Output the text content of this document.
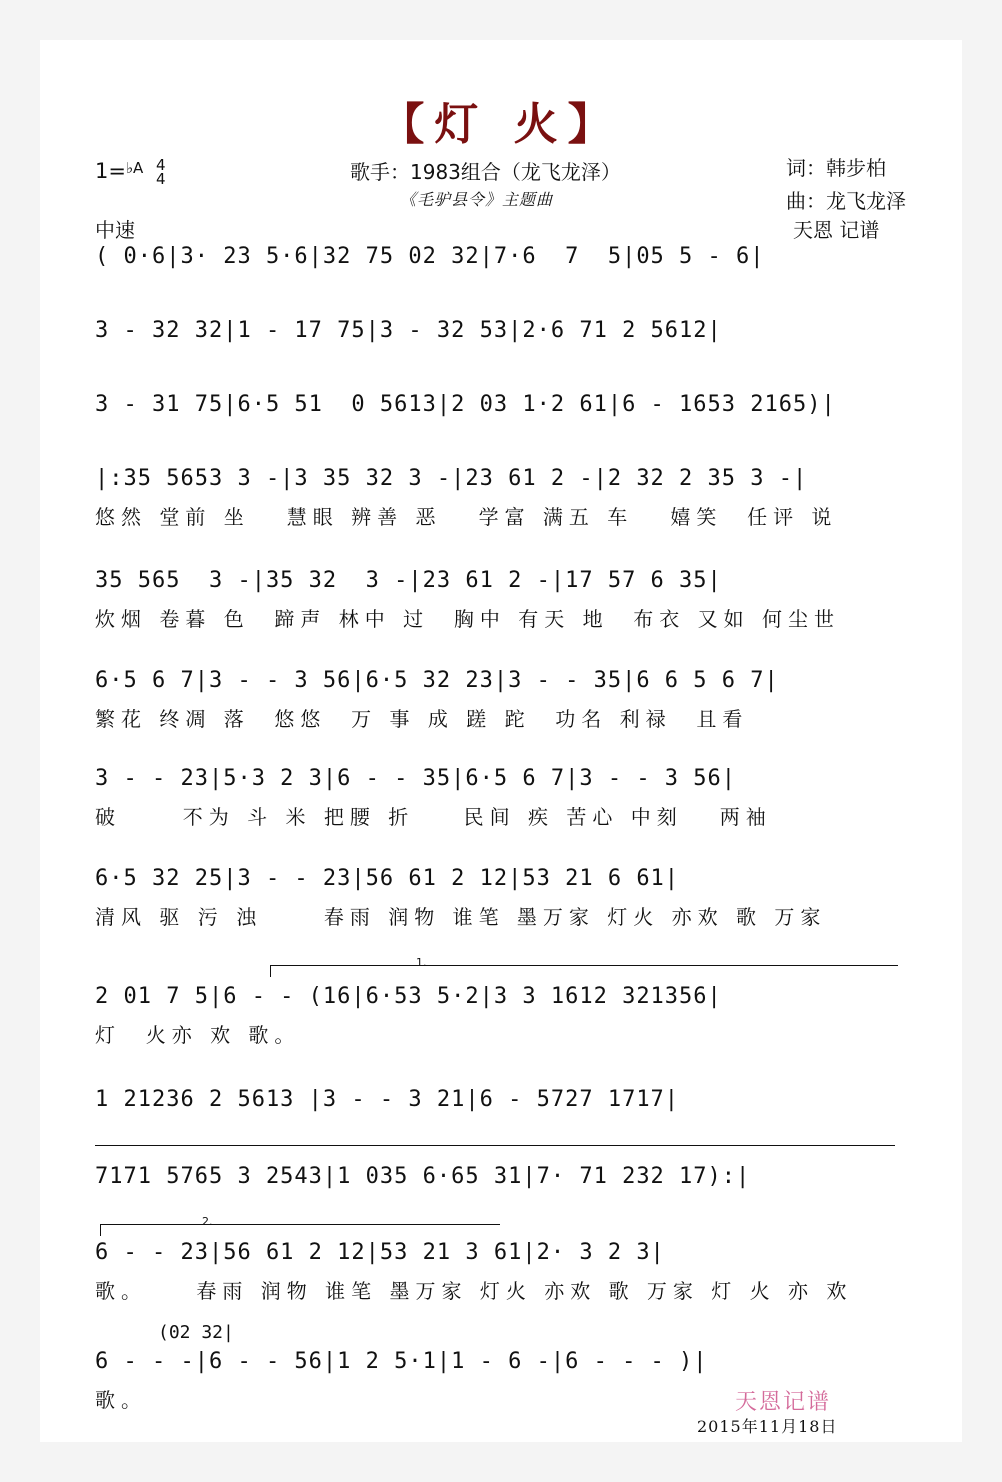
【灯 火】
1=$^{♭A}$ 4
4	歌手：1983组合（龙飞龙泽）
《毛驴县令》主题曲
词：韩步柏
曲：龙飞龙泽
天恩 记谱
中速
( 0·6|3· 23 5·6|32 75 02 32|7·6  7  5|05 5 - 6|
3 - 32 32|1 - 17 75|3 - 32 53|2·6 71 2 5612|
3 - 31 75|6·5 51  0 5613|2 03 1·2 61|6 - 1653 2165)|
|:35 5653 3 -|3 35 32 3 -|23 61 2 -|2 32 2 35 3 -|
悠然 堂前 坐   慧眼 辨善 恶   学富 满五 车   嬉笑  任评 说
35 565  3 -|35 32  3 -|23 61 2 -|17 57 6 35|
炊烟 卷暮 色  蹄声 林中 过  胸中 有天 地  布衣 又如 何尘世
6·5 6 7|3 - - 3 56|6·5 32 23|3 - - 35|6 6 5 6 7|
繁花 终凋 落  悠悠  万 事 成 蹉 跎  功名 利禄  且看
3 - - 23|5·3 2 3|6 - - 35|6·5 6 7|3 - - 3 56|
破     不为 斗 米 把腰 折    民间 疾 苦心 中刻   两袖
6·5 32 25|3 - - 23|56 61 2 12|53 21 6 61|
清风 驱 污 浊     春雨 润物 谁笔 墨万家 灯火 亦欢 歌 万家
2 01 7 5|6 - - (16|6·53 5·2|3 3 1612 321356|
灯  火亦 欢 歌。
1 21236 2 5613 |3 - - 3 21|6 - 5727 1717|
7171 5765 3 2543|1 035 6·65 31|7· 71 232 17):|
6 - - 23|56 61 2 12|53 21 3 61|2· 3 2 3|
歌。    春雨 润物 谁笔 墨万家 灯火 亦欢 歌 万家 灯 火 亦 欢
6 - - -|6 - - 56|1 2 5·1|1 - 6 -|6 - - - )|
歌。
1.
2.
(02 32|
天恩记谱
2015年11月18日
